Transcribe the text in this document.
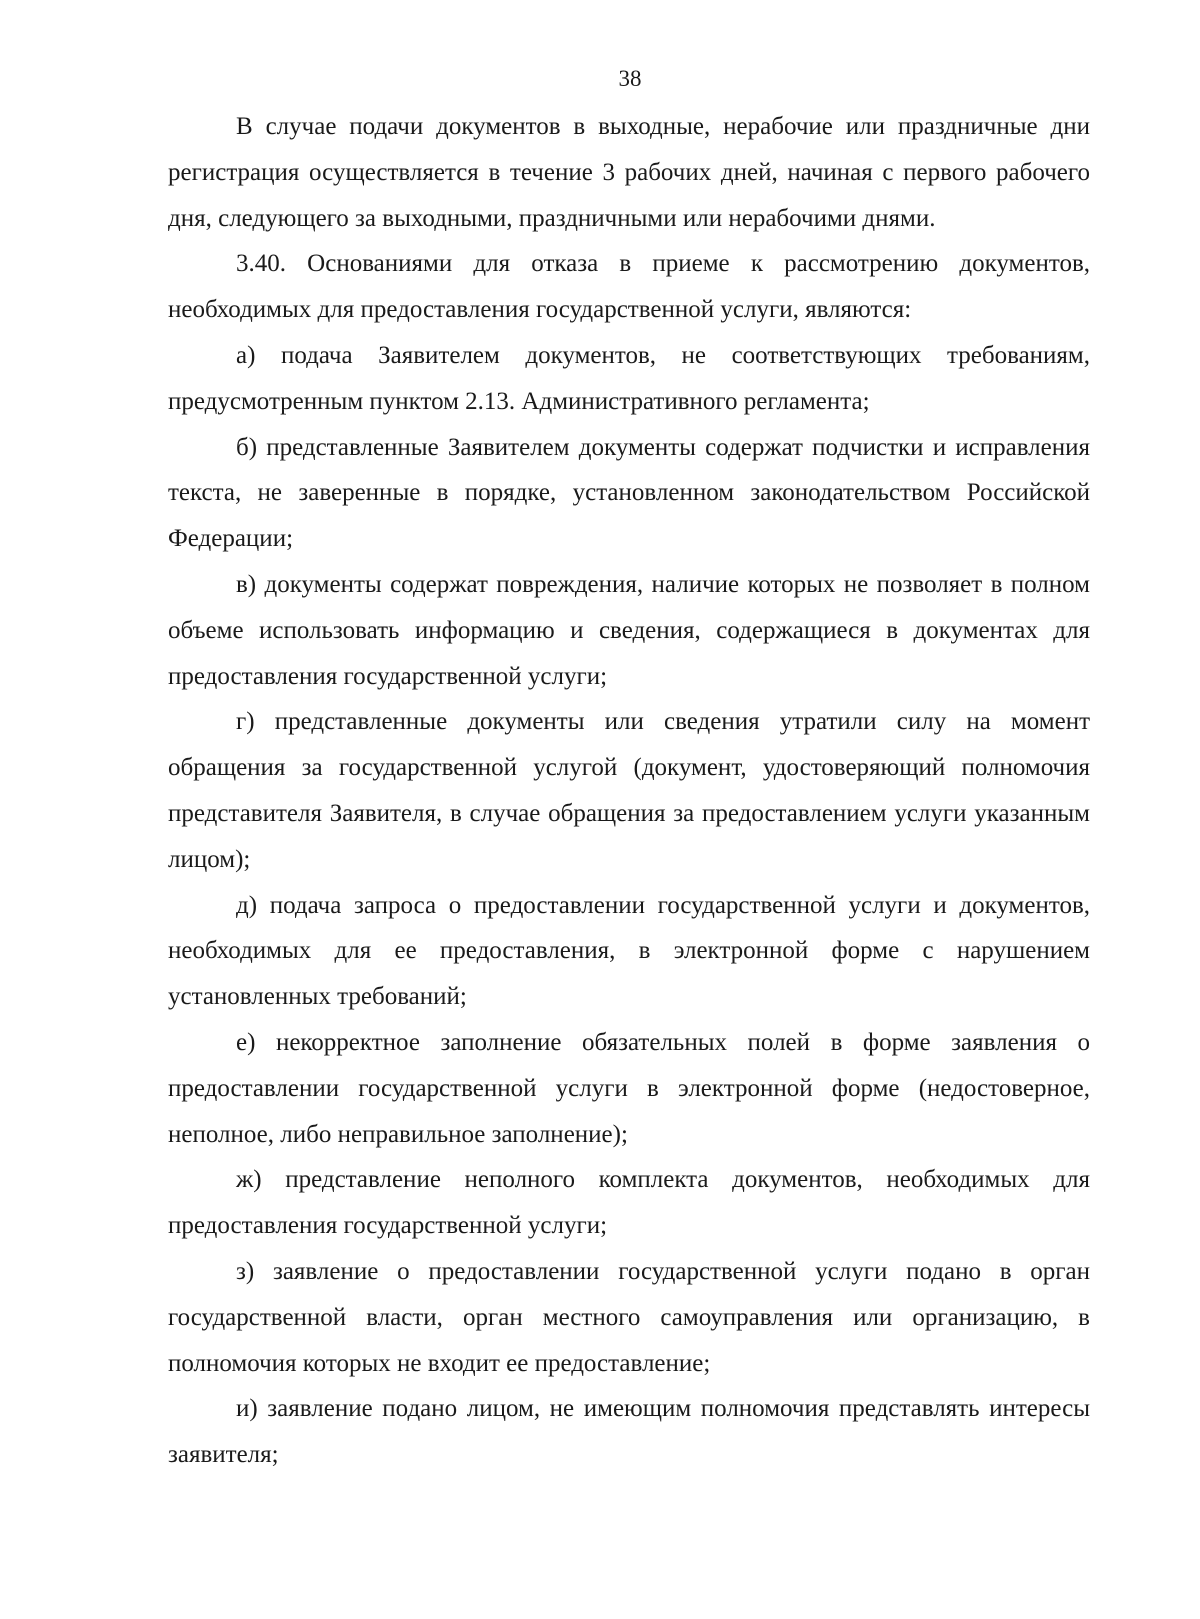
38

В случае подачи документов в выходные, нерабочие или праздничные дни регистрация осуществляется в течение 3 рабочих дней, начиная с первого рабочего дня, следующего за выходными, праздничными или нерабочими днями.

3.40. Основаниями для отказа в приеме к рассмотрению документов, необходимых для предоставления государственной услуги, являются:

а) подача Заявителем документов, не соответствующих требованиям, предусмотренным пунктом 2.13. Административного регламента;

б) представленные Заявителем документы содержат подчистки и исправления текста, не заверенные в порядке, установленном законодательством Российской Федерации;

в) документы содержат повреждения, наличие которых не позволяет в полном объеме использовать информацию и сведения, содержащиеся в документах для предоставления государственной услуги;

г) представленные документы или сведения утратили силу на момент обращения за государственной услугой (документ, удостоверяющий полномочия представителя Заявителя, в случае обращения за предоставлением услуги указанным лицом);

д) подача запроса о предоставлении государственной услуги и документов, необходимых для ее предоставления, в электронной форме с нарушением установленных требований;

е) некорректное заполнение обязательных полей в форме заявления о предоставлении государственной услуги в электронной форме (недостоверное, неполное, либо неправильное заполнение);

ж) представление неполного комплекта документов, необходимых для предоставления государственной услуги;

з) заявление о предоставлении государственной услуги подано в орган государственной власти, орган местного самоуправления или организацию, в полномочия которых не входит ее предоставление;

и) заявление подано лицом, не имеющим полномочия представлять интересы заявителя;
